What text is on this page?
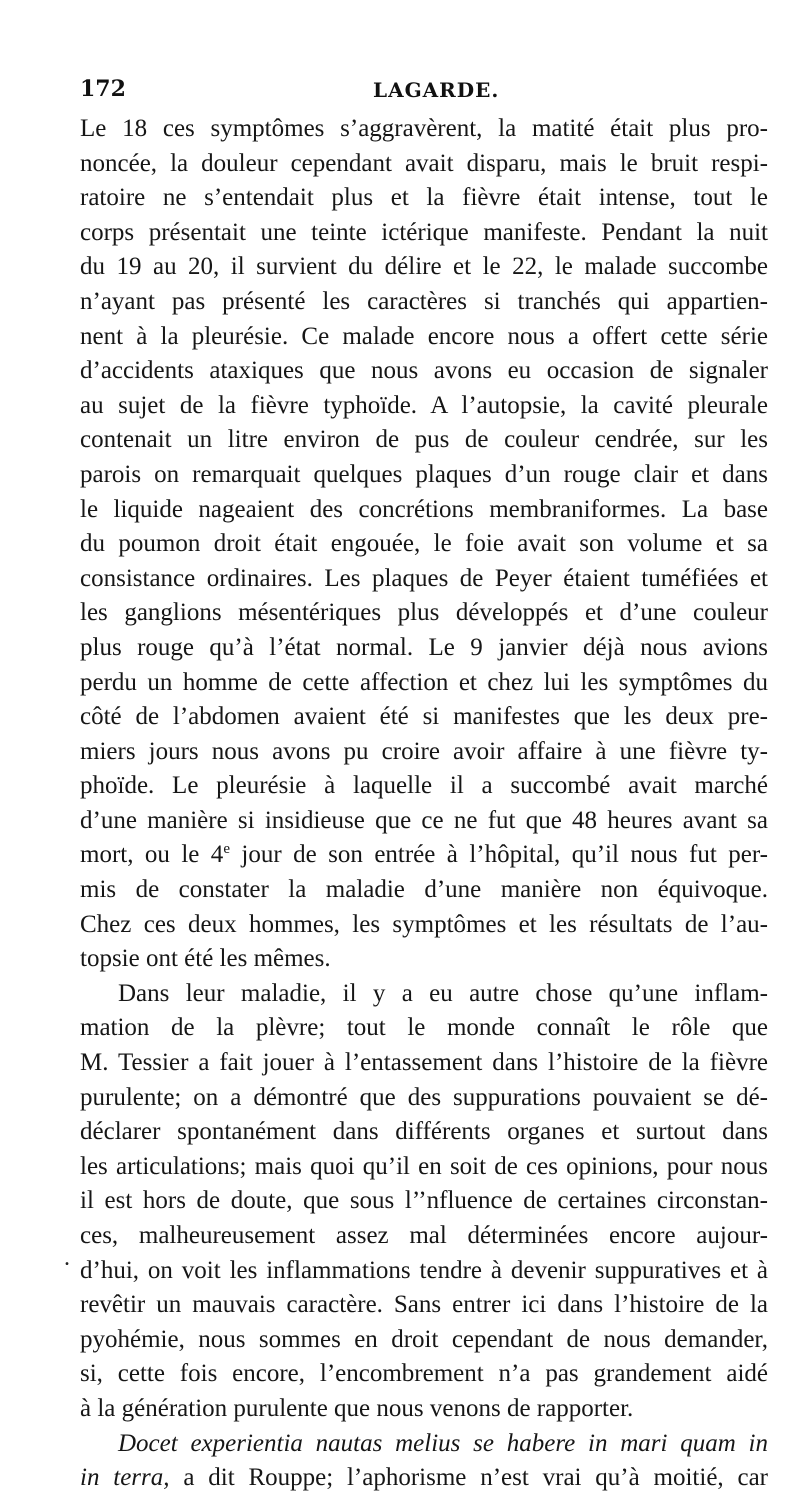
172	LAGARDE.
.
Le 18 ces symptômes s’aggravèrent, la matité était plus pro-
noncée, la douleur cependant avait disparu, mais le bruit respi-
ratoire ne s’entendait plus et la fièvre était intense, tout le
corps présentait une teinte ictérique manifeste. Pendant la nuit
du 19 au 20, il survient du délire et le 22, le malade succombe
n’ayant pas présenté les caractères si tranchés qui appartien-
nent à la pleurésie. Ce malade encore nous a offert cette série
d’accidents ataxiques que nous avons eu occasion de signaler
au sujet de la fièvre typhoïde. A l’autopsie, la cavité pleurale
contenait un litre environ de pus de couleur cendrée, sur les
parois on remarquait quelques plaques d’un rouge clair et dans
le liquide nageaient des concrétions membraniformes. La base
du poumon droit était engouée, le foie avait son volume et sa
consistance ordinaires. Les plaques de Peyer étaient tuméfiées et
les ganglions mésentériques plus développés et d’une couleur
plus rouge qu’à l’état normal. Le 9 janvier déjà nous avions
perdu un homme de cette affection et chez lui les symptômes du
côté de l’abdomen avaient été si manifestes que les deux pre-
miers jours nous avons pu croire avoir affaire à une fièvre ty-
phoïde. Le pleurésie à laquelle il a succombé avait marché
d’une manière si insidieuse que ce ne fut que 48 heures avant sa
mort, ou le 4e jour de son entrée à l’hôpital, qu’il nous fut per-
mis de constater la maladie d’une manière non équivoque.
Chez ces deux hommes, les symptômes et les résultats de l’au-
topsie ont été les mêmes.
Dans leur maladie, il y a eu autre chose qu’une inflam-
mation de la plèvre; tout le monde connaît le rôle que
M. Tessier a fait jouer à l’entassement dans l’histoire de la fièvre
purulente; on a démontré que des suppurations pouvaient se dé-
déclarer spontanément dans différents organes et surtout dans
les articulations; mais quoi qu’il en soit de ces opinions, pour nous
il est hors de doute, que sous l’’nfluence de certaines circonstan-
ces, malheureusement assez mal déterminées encore aujour-
d’hui, on voit les inflammations tendre à devenir suppuratives et à
revêtir un mauvais caractère. Sans entrer ici dans l’histoire de la
pyohémie, nous sommes en droit cependant de nous demander,
si, cette fois encore, l’encombrement n’a pas grandement aidé
à la génération purulente que nous venons de rapporter.
Docet experientia nautas melius se habere in mari quam in
in terra, a dit Rouppe; l’aphorisme n’est vrai qu’à moitié, car
